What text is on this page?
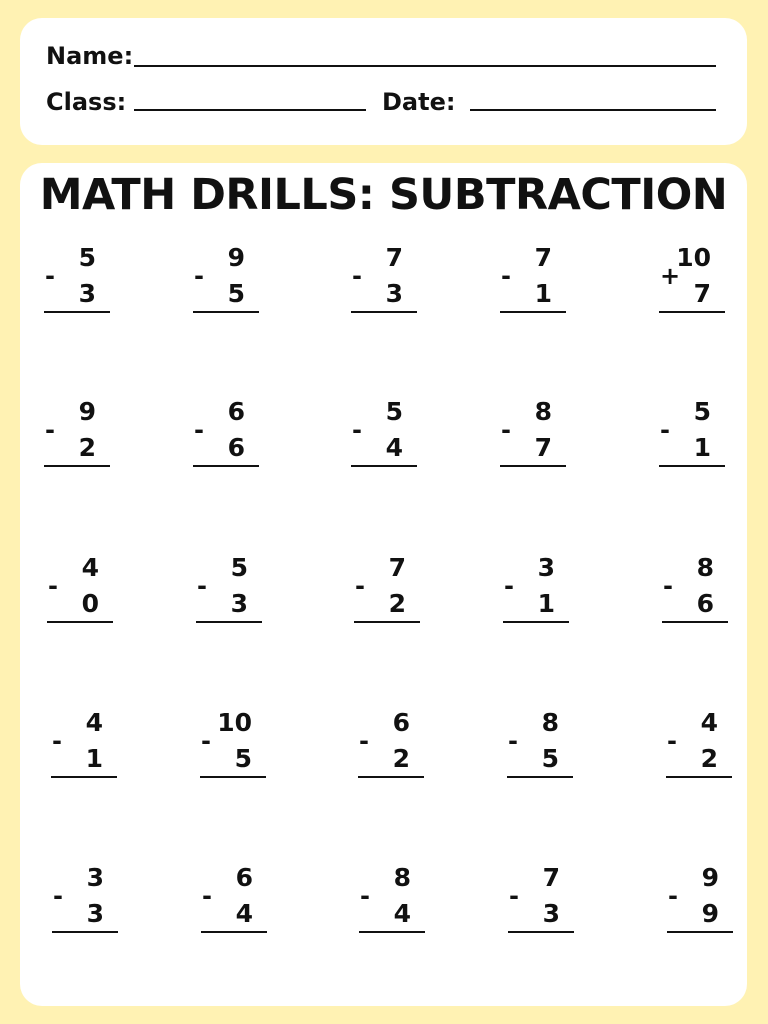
Name:
Class:	Date:
MATH DRILLS: SUBTRACTION
-
5
3
-
9
5
-
7
3
-
7
1
+
10
7
-
9
2
-
6
6
-
5
4
-
8
7
-
5
1
-
4
0
-
5
3
-
7
2
-
3
1
-
8
6
-
4
1
-
10
5
-
6
2
-
8
5
-
4
2
-
3
3
-
6
4
-
8
4
-
7
3
-
9
9
